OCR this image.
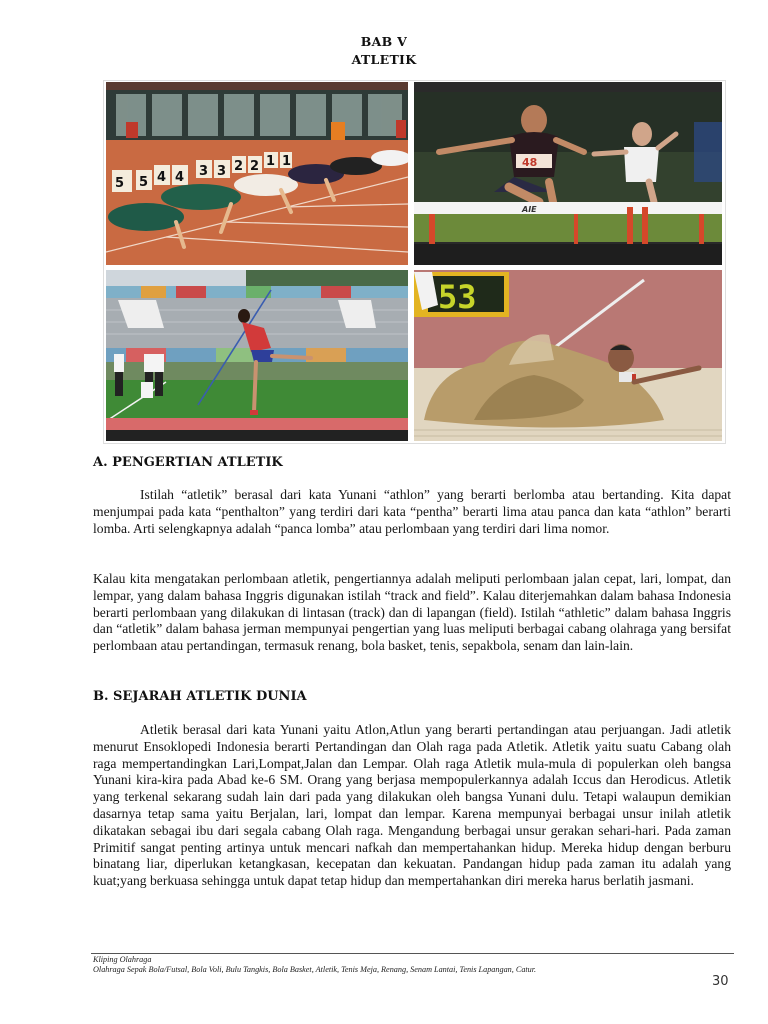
BAB V
ATLETIK
5 5 4 4 3 3 2 2 1 1	48
AIE
53
A. PENGERTIAN ATLETIK
Istilah “atletik” berasal dari kata Yunani “athlon” yang berarti berlomba atau bertanding. Kita dapat menjumpai pada kata “penthalton” yang terdiri dari kata “pentha” berarti lima atau panca dan kata “athlon” berarti lomba. Arti selengkapnya adalah “panca lomba” atau perlombaan yang terdiri dari lima nomor.
Kalau kita mengatakan perlombaan atletik, pengertiannya adalah meliputi perlombaan jalan cepat, lari, lompat, dan lempar, yang dalam bahasa Inggris digunakan istilah “track and field”. Kalau diterjemahkan dalam bahasa Indonesia berarti perlombaan yang dilakukan di lintasan (track) dan di lapangan (field). Istilah “athletic” dalam bahasa Inggris dan “atletik” dalam bahasa jerman mempunyai pengertian yang luas meliputi berbagai cabang olahraga yang bersifat perlombaan atau pertandingan, termasuk renang, bola basket, tenis, sepakbola, senam dan lain-lain.
B. SEJARAH ATLETIK DUNIA
Atletik berasal dari kata Yunani yaitu Atlon,Atlun yang berarti pertandingan atau perjuangan. Jadi atletik menurut Ensoklopedi Indonesia berarti Pertandingan dan Olah raga pada Atletik. Atletik yaitu suatu Cabang olah raga mempertandingkan Lari,Lompat,Jalan dan Lempar. Olah raga Atletik mula-mula di populerkan oleh bangsa Yunani kira-kira pada Abad ke-6 SM. Orang yang berjasa mempopulerkannya adalah Iccus dan Herodicus. Atletik yang terkenal sekarang sudah lain dari pada yang dilakukan oleh bangsa Yunani dulu. Tetapi walaupun demikian dasarnya tetap sama yaitu Berjalan, lari, lompat dan lempar. Karena mempunyai berbagai unsur inilah atletik dikatakan sebagai ibu dari segala cabang Olah raga. Mengandung berbagai unsur gerakan sehari-hari. Pada zaman Primitif sangat penting artinya untuk mencari nafkah dan mempertahankan hidup. Mereka hidup dengan berburu binatang liar, diperlukan ketangkasan, kecepatan dan kekuatan. Pandangan hidup pada zaman itu adalah yang kuat;yang berkuasa sehingga untuk dapat tetap hidup dan mempertahankan diri mereka harus berlatih jasmani.
Kliping Olahraga
Olahraga Sepak Bola/Futsal, Bola Voli, Bulu Tangkis, Bola Basket, Atletik, Tenis Meja, Renang, Senam Lantai, Tenis Lapangan, Catur.
30
